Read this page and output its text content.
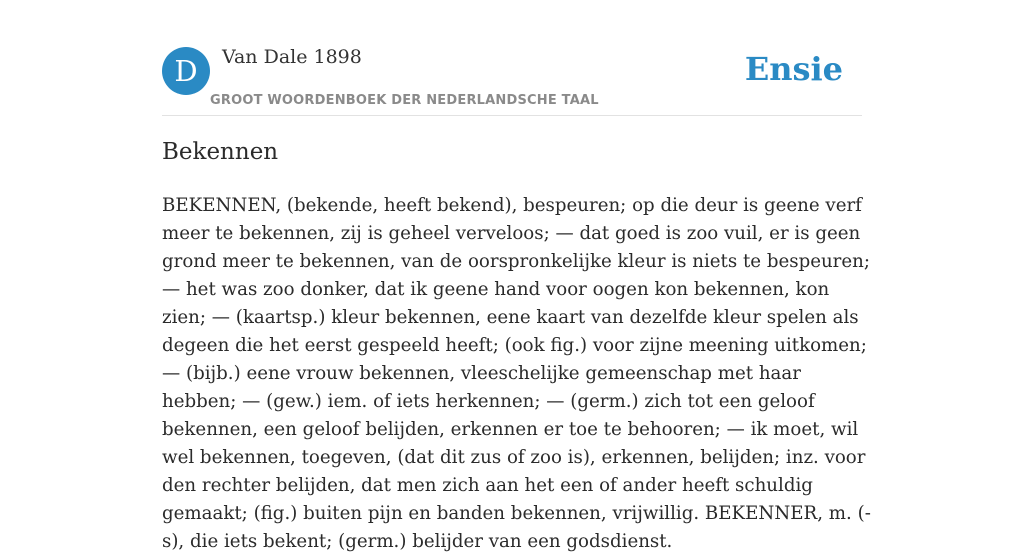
D	Van Dale 1898
GROOT WOORDENBOEK DER NEDERLANDSCHE TAAL
Ensie
Bekennen

BEKENNEN, (bekende, heeft bekend), bespeuren; op die deur is geene verf meer te bekennen, zij is geheel verveloos; — dat goed is zoo vuil, er is geen grond meer te bekennen, van de oorspronkelijke kleur is niets te bespeuren; — het was zoo donker, dat ik geene hand voor oogen kon bekennen, kon zien; — (kaartsp.) kleur bekennen, eene kaart van dezelfde kleur spelen als degeen die het eerst gespeeld heeft; (ook fig.) voor zijne meening uitkomen; — (bijb.) eene vrouw bekennen, vleeschelijke gemeenschap met haar hebben; — (gew.) iem. of iets herkennen; — (germ.) zich tot een geloof bekennen, een geloof belijden, erkennen er toe te behooren; — ik moet, wil wel bekennen, toegeven, (dat dit zus of zoo is), erkennen, belijden; inz. voor den rechter belijden, dat men zich aan het een of ander heeft schuldig gemaakt; (fig.) buiten pijn en banden bekennen, vrijwillig. BEKENNER, m. (-s), die iets bekent; (germ.) belijder van een godsdienst.
